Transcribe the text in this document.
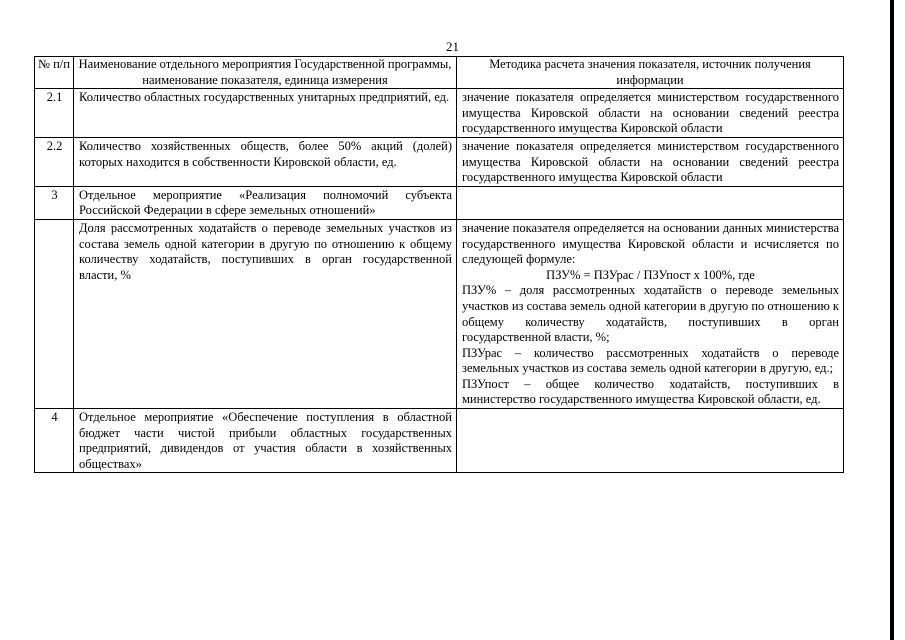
21
№ п/п	Наименование отдельного мероприятия Государственной программы, наименование показателя, единица измерения	Методика расчета значения показателя, источник получения информации
2.1	Количество областных государственных унитарных предприятий, ед.	значение показателя определяется министерством государственного имущества Кировской области на основании сведений реестра государственного имущества Кировской области
2.2	Количество хозяйственных обществ, более 50% акций (долей) которых находится в собственности Кировской области, ед.	значение показателя определяется министерством государственного имущества Кировской области на основании сведений реестра государственного имущества Кировской области
3	Отдельное мероприятие «Реализация полномочий субъекта Российской Федерации в сфере земельных отношений»	
	Доля рассмотренных ходатайств о переводе земельных участков из состава земель одной категории в другую по отношению к общему количеству ходатайств, поступивших в орган государственной власти, %	значение показателя определяется на основании данных министерства государственного имущества Кировской области и исчисляется по следующей формуле:
ПЗУ% = ПЗУрас / ПЗУпост х 100%, где
ПЗУ% – доля рассмотренных ходатайств о переводе земельных участков из состава земель одной категории в другую по отношению к общему количеству ходатайств, поступивших в орган государственной власти, %;
ПЗУрас – количество рассмотренных ходатайств о переводе земельных участков из состава земель одной категории в другую, ед.;
ПЗУпост – общее количество ходатайств, поступивших в министерство государственного имущества Кировской области, ед.

4	Отдельное мероприятие «Обеспечение поступления в областной бюджет части чистой прибыли областных государственных предприятий, дивидендов от участия области в хозяйственных обществах»	
